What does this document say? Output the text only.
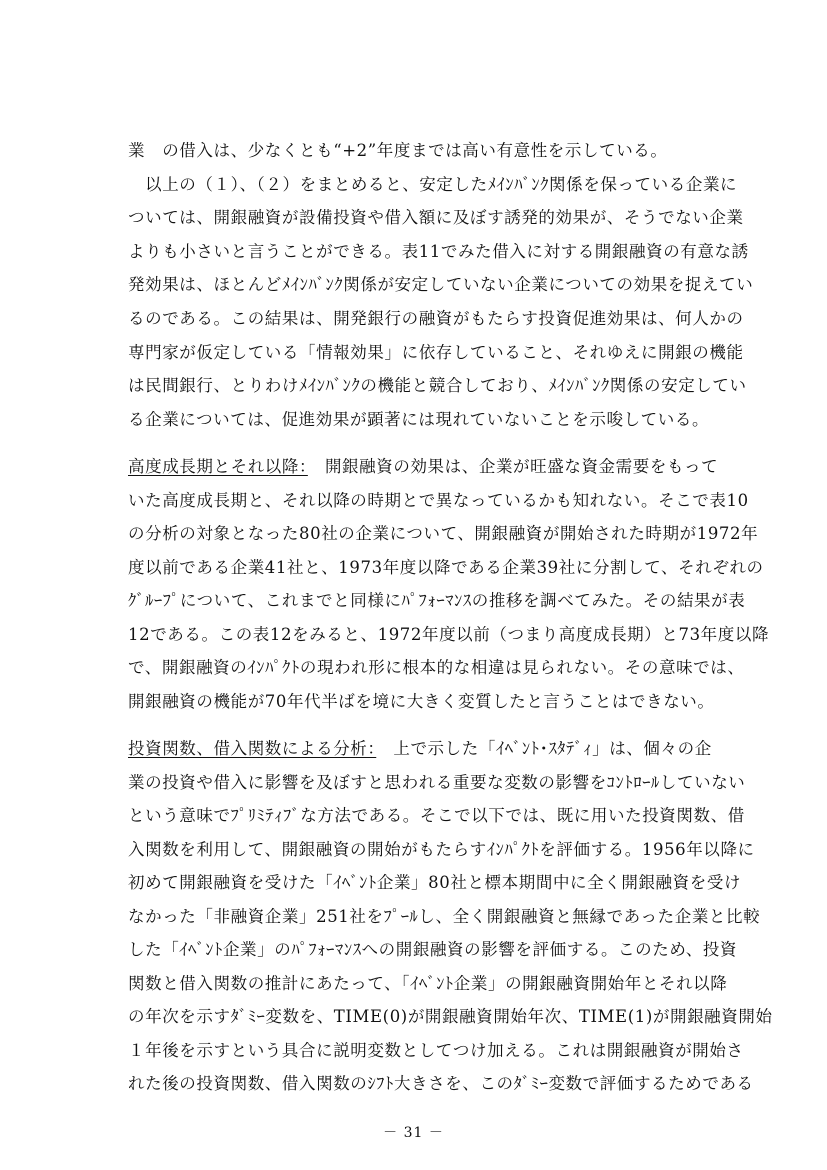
業　の借入は、少なくとも“+2”年度までは高い有意性を示している。
　以上の（１）、（２）をまとめると、安定したﾒｲﾝﾊﾞﾝｸ関係を保っている企業に
ついては、開銀融資が設備投資や借入額に及ぼす誘発的効果が、そうでない企業
よりも小さいと言うことができる。表11でみた借入に対する開銀融資の有意な誘
発効果は、ほとんどﾒｲﾝﾊﾞﾝｸ関係が安定していない企業についての効果を捉えてい
るのである。この結果は、開発銀行の融資がもたらす投資促進効果は、何人かの
専門家が仮定している「情報効果」に依存していること、それゆえに開銀の機能
は民間銀行、とりわけﾒｲﾝﾊﾞﾝｸの機能と競合しており、ﾒｲﾝﾊﾞﾝｸ関係の安定してい
る企業については、促進効果が顕著には現れていないことを示唆している。
高度成長期とそれ以降：　開銀融資の効果は、企業が旺盛な資金需要をもって
いた高度成長期と、それ以降の時期とで異なっているかも知れない。そこで表10
の分析の対象となった80社の企業について、開銀融資が開始された時期が1972年
度以前である企業41社と、1973年度以降である企業39社に分割して、それぞれの
ｸﾞﾙｰﾌﾟについて、これまでと同様にﾊﾟﾌｫｰﾏﾝｽの推移を調べてみた。その結果が表
12である。この表12をみると、1972年度以前（つまり高度成長期）と73年度以降
で、開銀融資のｲﾝﾊﾟｸﾄの現われ形に根本的な相違は見られない。その意味では、
開銀融資の機能が70年代半ばを境に大きく変質したと言うことはできない。
投資関数、借入関数による分析：　上で示した「ｲﾍﾞﾝﾄ･ｽﾀﾃﾞｨ」は、個々の企
業の投資や借入に影響を及ぼすと思われる重要な変数の影響をｺﾝﾄﾛｰﾙしていない
という意味でﾌﾟﾘﾐﾃｨﾌﾞな方法である。そこで以下では、既に用いた投資関数、借
入関数を利用して、開銀融資の開始がもたらすｲﾝﾊﾟｸﾄを評価する。1956年以降に
初めて開銀融資を受けた「ｲﾍﾞﾝﾄ企業」80社と標本期間中に全く開銀融資を受け
なかった「非融資企業」251社をﾌﾟｰﾙし、全く開銀融資と無縁であった企業と比較
した「ｲﾍﾞﾝﾄ企業」のﾊﾟﾌｫｰﾏﾝｽへの開銀融資の影響を評価する。このため、投資
関数と借入関数の推計にあたって、「ｲﾍﾞﾝﾄ企業」の開銀融資開始年とそれ以降
の年次を示すﾀﾞﾐｰ変数を、TIME(0)が開銀融資開始年次、TIME(1)が開銀融資開始
１年後を示すという具合に説明変数としてつけ加える。これは開銀融資が開始さ
れた後の投資関数、借入関数のｼﾌﾄ大きさを、このﾀﾞﾐｰ変数で評価するためである
－ 31 －
